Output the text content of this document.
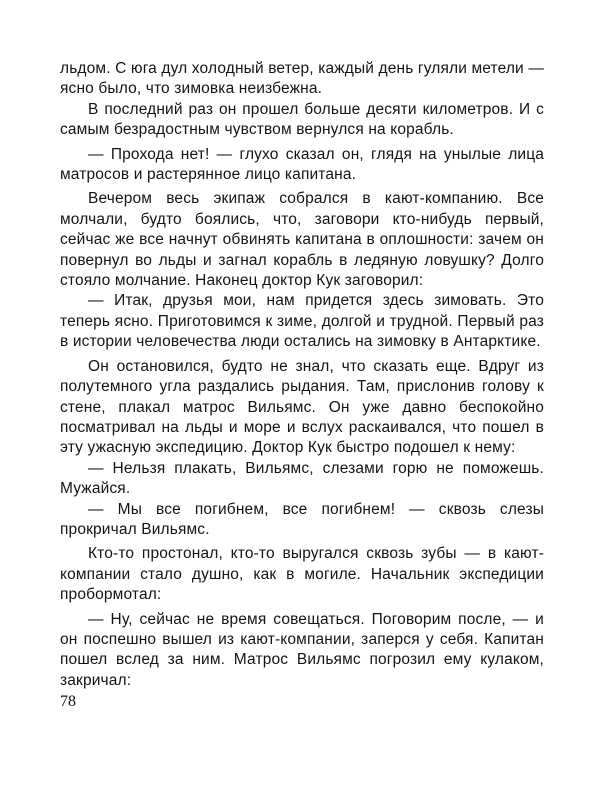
льдом. С юга дул холодный ветер, каждый день гуляли метели — ясно было, что зимовка неизбежна.

В последний раз он прошел больше десяти километров. И с самым безрадостным чувством вернулся на корабль.

— Прохода нет! — глухо сказал он, глядя на унылые лица матросов и растерянное лицо капитана.

Вечером весь экипаж собрался в кают-компанию. Все молчали, будто боялись, что, заговори кто-нибудь первый, сейчас же все начнут обвинять капитана в оплошности: зачем он повернул во льды и загнал корабль в ледяную ловушку? Долго стояло молчание. Наконец доктор Кук заговорил:

— Итак, друзья мои, нам придется здесь зимовать. Это теперь ясно. Приготовимся к зиме, долгой и трудной. Первый раз в истории человечества люди остались на зимовку в Антарктике.

Он остановился, будто не знал, что сказать еще. Вдруг из полутемного угла раздались рыдания. Там, прислонив голову к стене, плакал матрос Вильямс. Он уже давно беспокойно посматривал на льды и море и вслух раскаивался, что пошел в эту ужасную экспедицию. Доктор Кук быстро подошел к нему:

— Нельзя плакать, Вильямс, слезами горю не поможешь. Мужайся.

— Мы все погибнем, все погибнем! — сквозь слезы прокричал Вильямс.

Кто-то простонал, кто-то выругался сквозь зубы — в кают-компании стало душно, как в могиле. Начальник экспедиции пробормотал:

— Ну, сейчас не время совещаться. Поговорим после, — и он поспешно вышел из кают-компании, заперся у себя. Капитан пошел вслед за ним. Матрос Вильямс погрозил ему кулаком, закричал:

78
